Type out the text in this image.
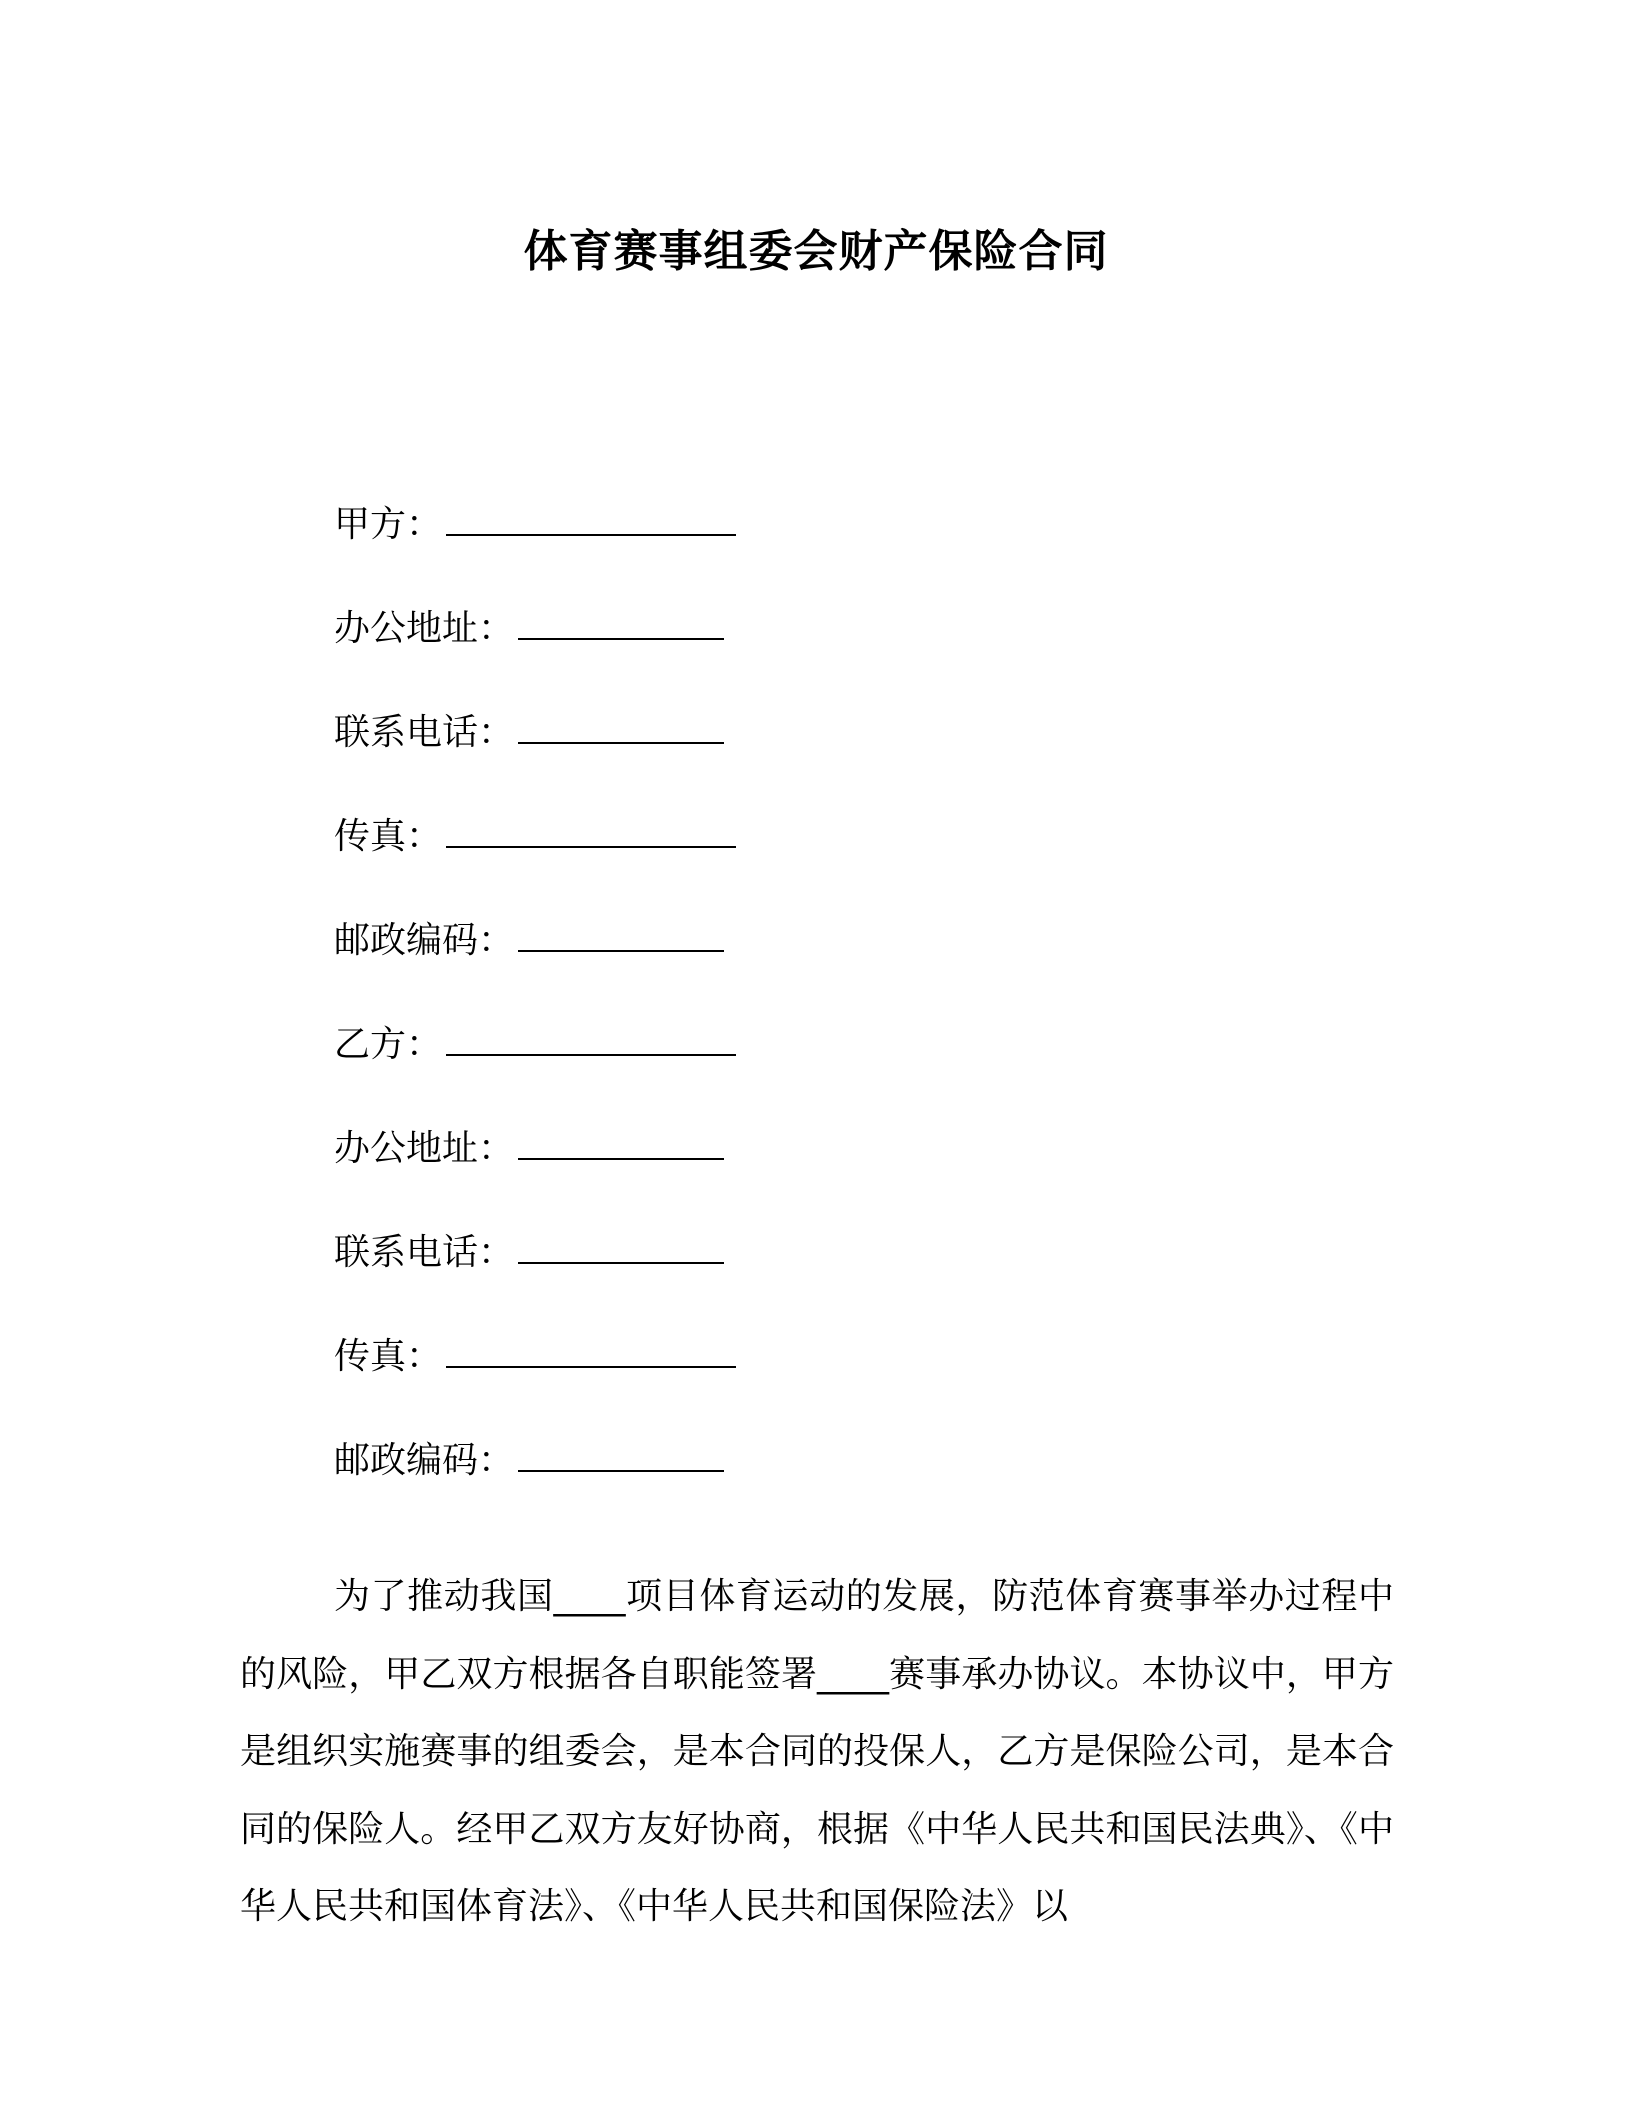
体育赛事组委会财产保险合同
甲方：
办公地址：
联系电话：
传真：
邮政编码：
乙方：
办公地址：
联系电话：
传真：
邮政编码：

为了推动我国____项目体育运动的发展，防范体育赛事举办过程中的风险，甲乙双方根据各自职能签署____赛事承办协议。本协议中，甲方是组织实施赛事的组委会，是本合同的投保人，乙方是保险公司，是本合同的保险人。经甲乙双方友好协商，根据《中华人民共和国民法典》、《中华人民共和国体育法》、《中华人民共和国保险法》以
